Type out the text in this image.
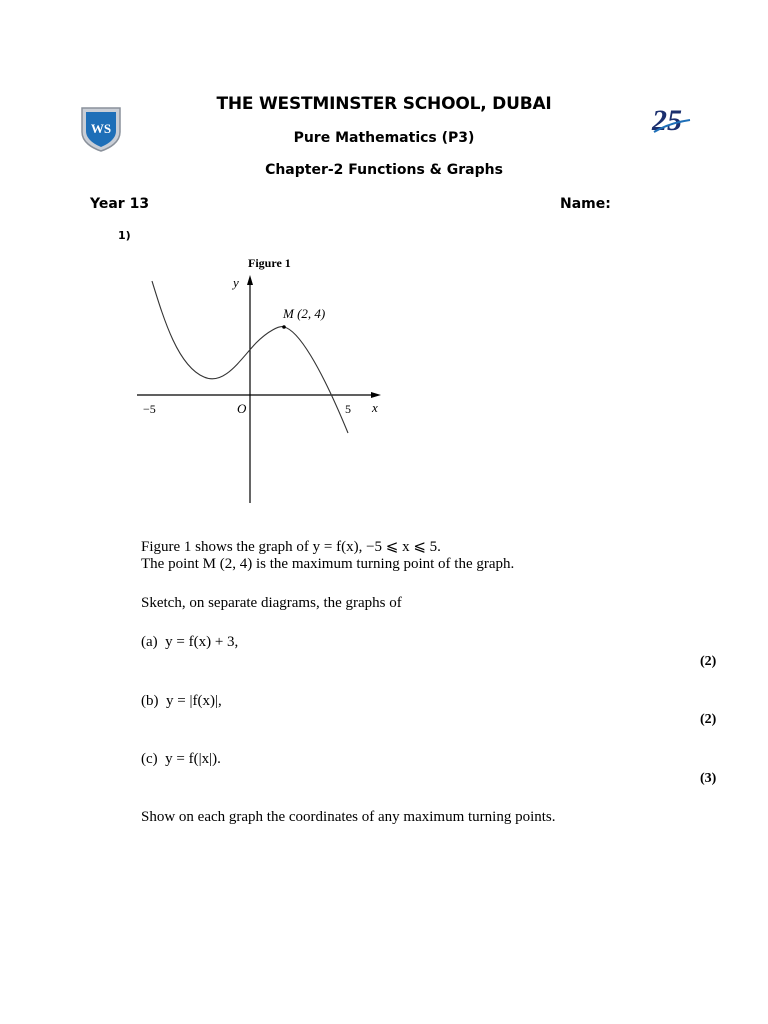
WS	25
THE WESTMINSTER SCHOOL, DUBAI
Pure Mathematics (P3)
Chapter-2 Functions & Graphs
Year 13	Name:
1)
Figure 1
y
x
O
−5	5
M (2, 4)
Figure 1 shows the graph of y = f(x), −5 ⩽ x ⩽ 5.
The point M (2, 4) is the maximum turning point of the graph.
Sketch, on separate diagrams, the graphs of
(a) y = f(x) + 3,
(2)
(b) y = |f(x)|,
(2)
(c) y = f(|x|).
(3)
Show on each graph the coordinates of any maximum turning points.
